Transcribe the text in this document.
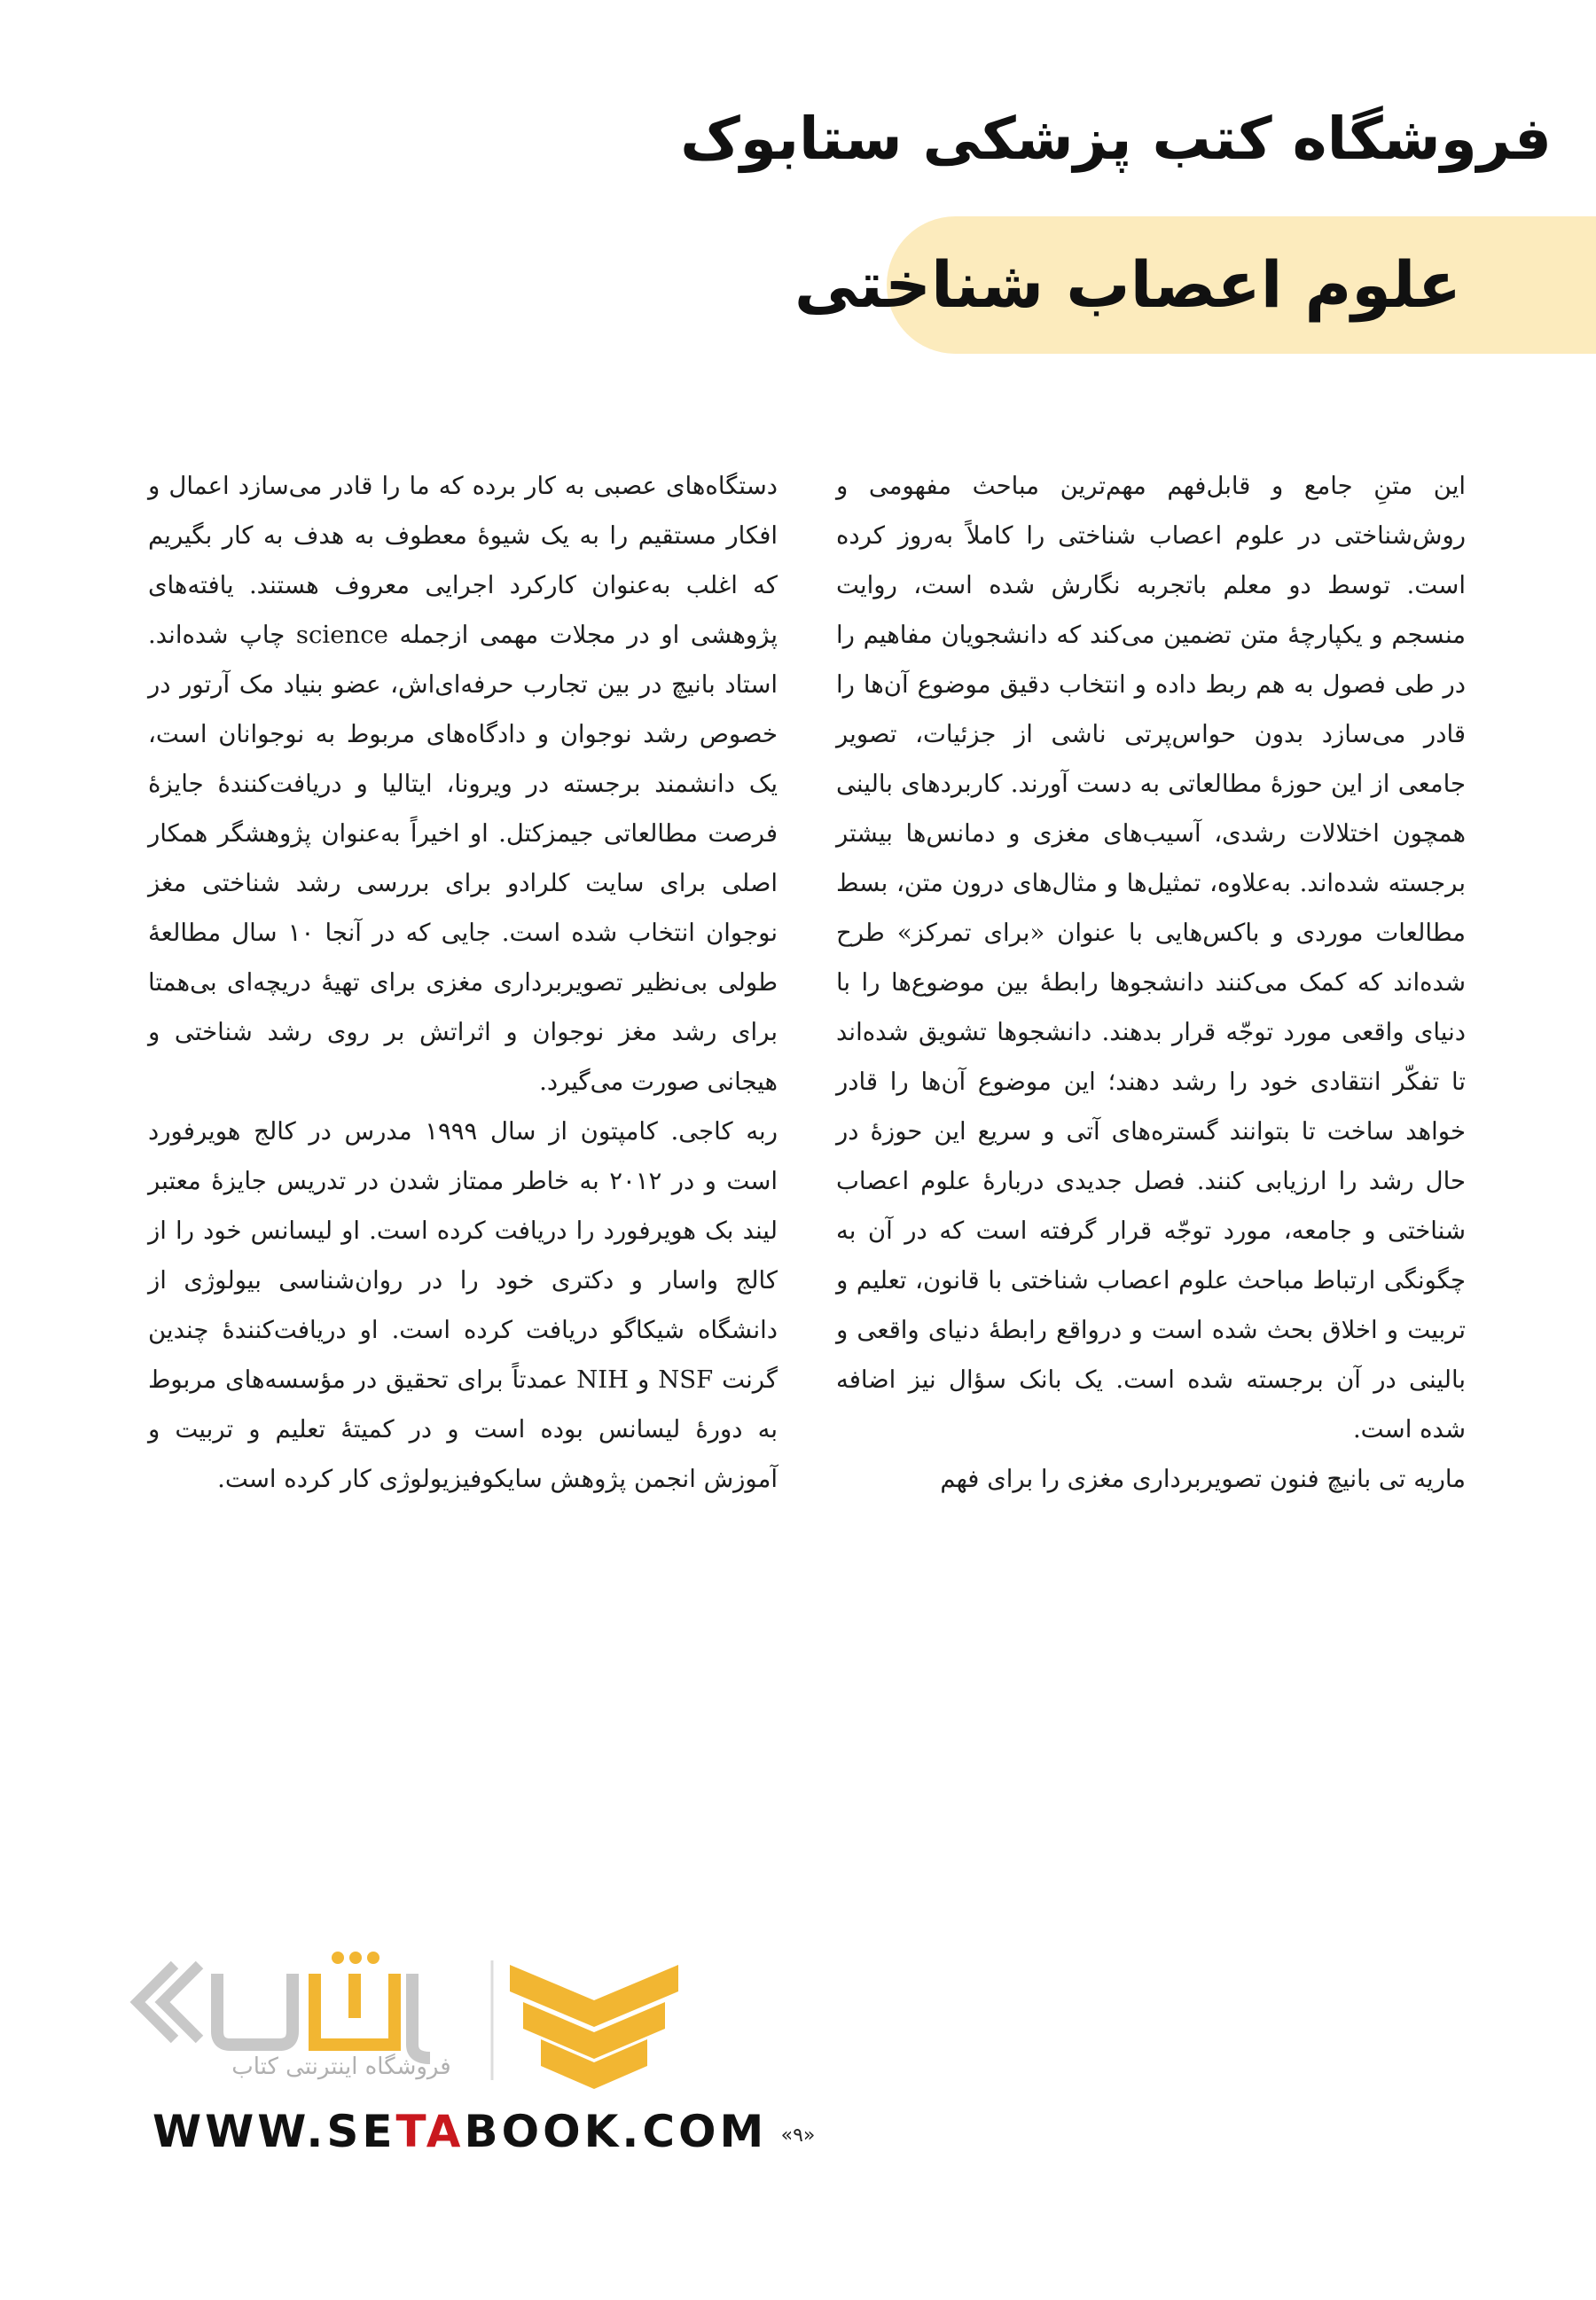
فروشگاه کتب پزشکی ستابوک
علوم اعصاب شناختی

این متنِ جامع و قابل‌فهم مهم‌ترین مباحث مفهومی و روش‌شناختی در علوم اعصاب شناختی را کاملاً به‌روز کرده است. توسط دو معلم باتجربه نگارش شده است، روایت منسجم و یکپارچهٔ متن تضمین می‌کند که دانشجویان مفاهیم را در طی فصول به هم ربط داده و انتخاب دقیق موضوع آن‌ها را قادر می‌سازد بدون حواس‌پرتی ناشی از جزئیات، تصویر جامعی از این حوزهٔ مطالعاتی به دست آورند. کاربردهای بالینی همچون اختلالات رشدی، آسیب‌های مغزی و دمانس‌ها بیشتر برجسته شده‌اند. به‌علاوه، تمثیل‌ها و مثال‌های درون متن، بسط مطالعات موردی و باکس‌هایی با عنوان «برای تمرکز» طرح شده‌اند که کمک می‌کنند دانشجوها رابطهٔ بین موضوع‌ها را با دنیای واقعی مورد توجّه قرار بدهند. دانشجوها تشویق شده‌اند تا تفکّر انتقادی خود را رشد دهند؛ این موضوع آن‌ها را قادر خواهد ساخت تا بتوانند گستره‌های آتی و سریع این حوزهٔ در حال رشد را ارزیابی کنند. فصل جدیدی دربارهٔ علوم اعصاب شناختی و جامعه، مورد توجّه قرار گرفته است که در آن به چگونگی ارتباط مباحث علوم اعصاب شناختی با قانون، تعلیم و تربیت و اخلاق بحث شده است و درواقع رابطهٔ دنیای واقعی و بالینی در آن برجسته شده است. یک بانک سؤال نیز اضافه شده است.

ماریه تی بانیچ فنون تصویربرداری مغزی را برای فهم

دستگاه‌های عصبی به کار برده که ما را قادر می‌سازد اعمال و افکار مستقیم را به یک شیوهٔ معطوف به هدف به کار بگیریم که اغلب به‌عنوان کارکرد اجرایی معروف هستند. یافته‌های پژوهشی او در مجلات مهمی ازجمله science چاپ شده‌اند. استاد بانیچ در بین تجارب حرفه‌ای‌اش، عضو بنیاد مک آرتور در خصوص رشد نوجوان و دادگاه‌های مربوط به نوجوانان است، یک دانشمند برجسته در ویرونا، ایتالیا و دریافت‌کنندهٔ جایزهٔ فرصت مطالعاتی جیمزکتل. او اخیراً به‌عنوان پژوهشگر همکار اصلی برای سایت کلرادو برای بررسی رشد شناختی مغز نوجوان انتخاب شده است. جایی که در آنجا ۱۰ سال مطالعهٔ طولی بی‌نظیر تصویربرداری مغزی برای تهیهٔ دریچه‌ای بی‌همتا برای رشد مغز نوجوان و اثراتش بر روی رشد شناختی و هیجانی صورت می‌گیرد.

ربه کاجی. کامپتون از سال ۱۹۹۹ مدرس در کالج هویرفورد است و در ۲۰۱۲ به خاطر ممتاز شدن در تدریس جایزهٔ معتبر لیند بک هویرفورد را دریافت کرده است. او لیسانس خود را از کالج واسار و دکتری خود را در روان‌شناسی بیولوژی از دانشگاه شیکاگو دریافت کرده است. او دریافت‌کنندهٔ چندین گرنت NSF و NIH عمدتاً برای تحقیق در مؤسسه‌های مربوط به دورهٔ لیسانس بوده است و در کمیتهٔ تعلیم و تربیت و آموزش انجمن پژوهش سایکوفیزیولوژی کار کرده است.

فروشگاه اینترنتی کتاب
WWW.SETABOOK.COM «۹»
